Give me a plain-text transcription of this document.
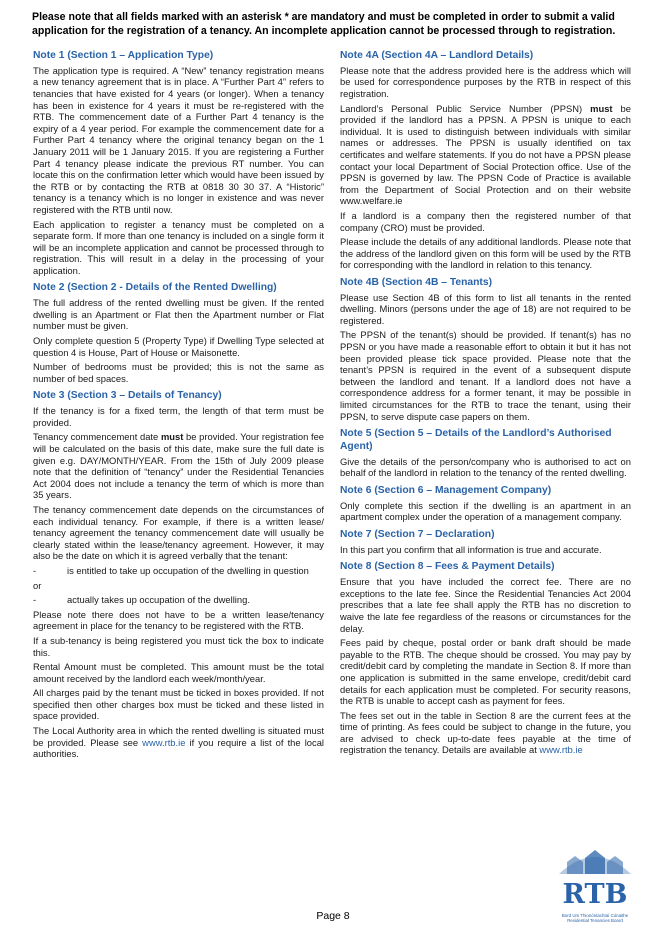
Please note that all fields marked with an asterisk * are mandatory and must be completed in order to submit a valid application for the registration of a tenancy. An incomplete application cannot be processed through to registration.
Note 1 (Section 1 – Application Type)

The application type is required. A “New” tenancy registration means a new tenancy agreement that is in place. A “Further Part 4” refers to tenancies that have existed for 4 years (or longer). When a tenancy has been in existence for 4 years it must be re-registered with the RTB. The commencement date of a Further Part 4 tenancy is the expiry of a 4 year period. For example the commencement date for a Further Part 4 tenancy where the original tenancy began on the 1 January 2011 will be 1 January 2015. If you are registering a Further Part 4 tenancy please indicate the previous RT number. You can locate this on the confirmation letter which would have been issued by the RTB or by contacting the RTB at 0818 30 30 37. A “Historic” tenancy is a tenancy which is no longer in existence and was never registered with the RTB until now.

Each application to register a tenancy must be completed on a separate form. If more than one tenancy is included on a single form it will be an incomplete application and cannot be processed through to registration. This will result in a delay in the processing of your application.

Note 2 (Section 2 - Details of the Rented Dwelling)

The full address of the rented dwelling must be given. If the rented dwelling is an Apartment or Flat then the Apartment number or Flat number must be given.

Only complete question 5 (Property Type) if Dwelling Type selected at question 4 is House, Part of House or Maisonette.

Number of bedrooms must be provided; this is not the same as number of bed spaces.

Note 3 (Section 3 – Details of Tenancy)

If the tenancy is for a fixed term, the length of that term must be provided.

Tenancy commencement date must be provided. Your registration fee will be calculated on the basis of this date, make sure the full date is given e.g. DAY/MONTH/YEAR. From the 15th of July 2009 please note that the definition of “tenancy” under the Residential Tenancies Act 2004 does not include a tenancy the term of which is more than 35 years.

The tenancy commencement date depends on the circumstances of each individual tenancy. For example, if there is a written lease/ tenancy agreement the tenancy commencement date will usually be clearly stated within the lease/tenancy agreement. However, it may also be the date on which it is agreed verbally that the tenant:

-	is entitled to take up occupation of the dwelling in question
or
-	actually takes up occupation of the dwelling.

Please note there does not have to be a written lease/tenancy agreement in place for the tenancy to be registered with the RTB.

If a sub-tenancy is being registered you must tick the box to indicate this.

Rental Amount must be completed. This amount must be the total amount received by the landlord each week/month/year.

All charges paid by the tenant must be ticked in boxes provided. If not specified then other charges box must be ticked and these listed in space provided.

The Local Authority area in which the rented dwelling is situated must be provided. Please see www.rtb.ie if you require a list of the local authorities.

Note 4A (Section 4A – Landlord Details)

Please note that the address provided here is the address which will be used for correspondence purposes by the RTB in respect of this registration.

Landlord’s Personal Public Service Number (PPSN) must be provided if the landlord has a PPSN. A PPSN is unique to each individual. It is used to distinguish between individuals with similar names or addresses. The PPSN is usually identified on tax certificates and welfare statements. If you do not have a PPSN please contact your local Department of Social Protection office. Use of the PPSN is governed by law. The PPSN Code of Practice is available from the Department of Social Protection and on their website www.welfare.ie

If a landlord is a company then the registered number of that company (CRO) must be provided.

Please include the details of any additional landlords. Please note that the address of the landlord given on this form will be used by the RTB for corresponding with the landlord in relation to this tenancy.

Note 4B (Section 4B – Tenants)

Please use Section 4B of this form to list all tenants in the rented dwelling. Minors (persons under the age of 18) are not required to be registered.

The PPSN of the tenant(s) should be provided. If tenant(s) has no PPSN or you have made a reasonable effort to obtain it but it has not been provided please tick space provided. Please note that the tenant’s PPSN is required in the event of a subsequent dispute between the landlord and tenant. If a landlord does not have a correspondence address for a former tenant, it may be possible in limited circumstances for the RTB to trace the tenant, using their PPSN, to serve dispute case papers on them.

Note 5 (Section 5 – Details of the Landlord’s Authorised Agent)

Give the details of the person/company who is authorised to act on behalf of the landlord in relation to the tenancy of the rented dwelling.

Note 6 (Section 6 – Management Company)

Only complete this section if the dwelling is an apartment in an apartment complex under the operation of a management company.

Note 7 (Section 7 – Declaration)

In this part you confirm that all information is true and accurate.

Note 8 (Section 8 – Fees & Payment Details)

Ensure that you have included the correct fee. There are no exceptions to the late fee. Since the Residential Tenancies Act 2004 prescribes that a late fee shall apply the RTB has no discretion to waive the late fee regardless of the reasons or circumstances for the delay.

Fees paid by cheque, postal order or bank draft should be made payable to the RTB. The cheque should be crossed. You may pay by credit/debit card by completing the mandate in Section 8. If more than one application is submitted in the same envelope, credit/debit card details for each application must be completed. For security reasons, the RTB is unable to accept cash as payment for fees.

The fees set out in the table in Section 8 are the current fees at the time of printing. As fees could be subject to change in the future, you are advised to check up-to-date fees payable at the time of registration the tenancy. Details are available at www.rtb.ie

RTB
Bord Um Thionóntachtaí Cónaithe
Residential Tenancies Board
Page 8
